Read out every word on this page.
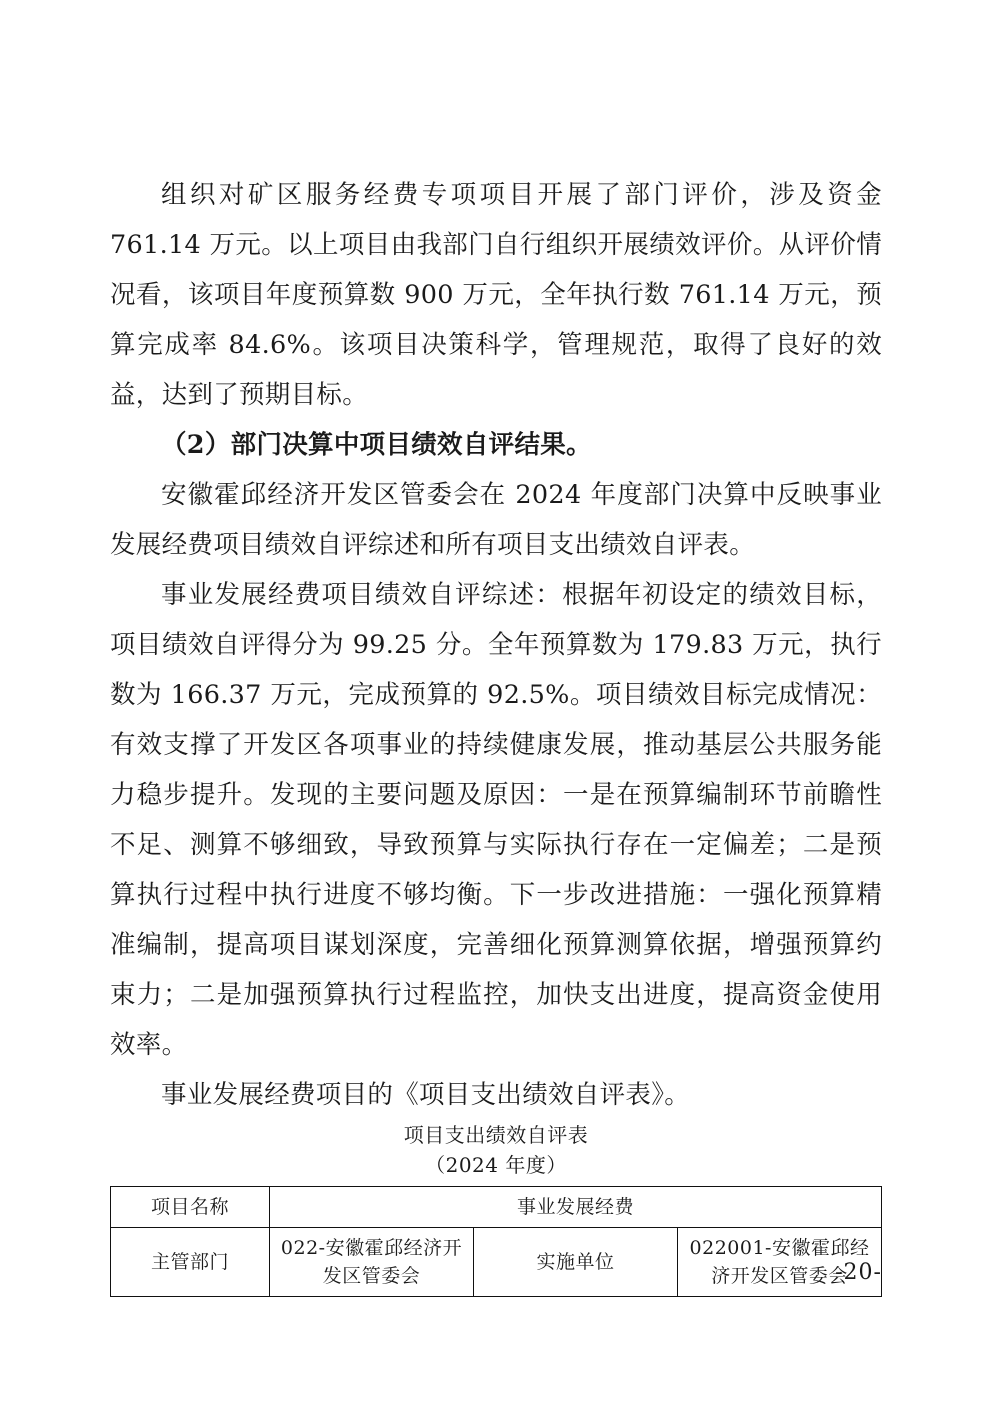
组织对矿区服务经费专项项目开展了部门评价，涉及资金 761.14 万元。以上项目由我部门自行组织开展绩效评价。从评价情况看，该项目年度预算数 900 万元，全年执行数 761.14 万元，预算完成率 84.6%。该项目决策科学，管理规范，取得了良好的效益，达到了预期目标。

（2）部门决算中项目绩效自评结果。

安徽霍邱经济开发区管委会在 2024 年度部门决算中反映事业发展经费项目绩效自评综述和所有项目支出绩效自评表。

事业发展经费项目绩效自评综述：根据年初设定的绩效目标，项目绩效自评得分为 99.25 分。全年预算数为 179.83 万元，执行数为 166.37 万元，完成预算的 92.5%。项目绩效目标完成情况：有效支撑了开发区各项事业的持续健康发展，推动基层公共服务能力稳步提升。发现的主要问题及原因：一是在预算编制环节前瞻性不足、测算不够细致，导致预算与实际执行存在一定偏差；二是预算执行过程中执行进度不够均衡。下一步改进措施：一强化预算精准编制，提高项目谋划深度，完善细化预算测算依据，增强预算约束力；二是加强预算执行过程监控，加快支出进度，提高资金使用效率。

事业发展经费项目的《项目支出绩效自评表》。

项目支出绩效自评表

（2024 年度）

项目名称	事业发展经费		
主管部门	022-安徽霍邱经济开发区管委会	实施单位	022001-安徽霍邱经济开发区管委会
-20-
